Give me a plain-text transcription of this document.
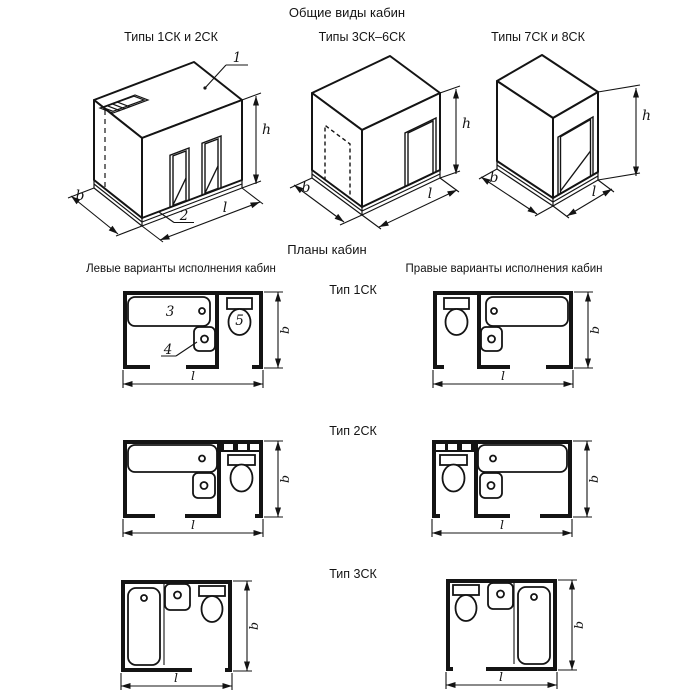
Общие виды кабин
Типы 1СК и 2СК	Типы 3СК–6СК	Типы 7СК и 8СК
Планы кабин
Левые варианты исполнения кабин	Правые варианты исполнения кабин
Тип 1СК
Тип 2СК
Тип 3СК
1
2
h
b
l
h
b	l
h
b
l
3
4
5
b
l
b
l
b
l
b
l
b
l
b
l
